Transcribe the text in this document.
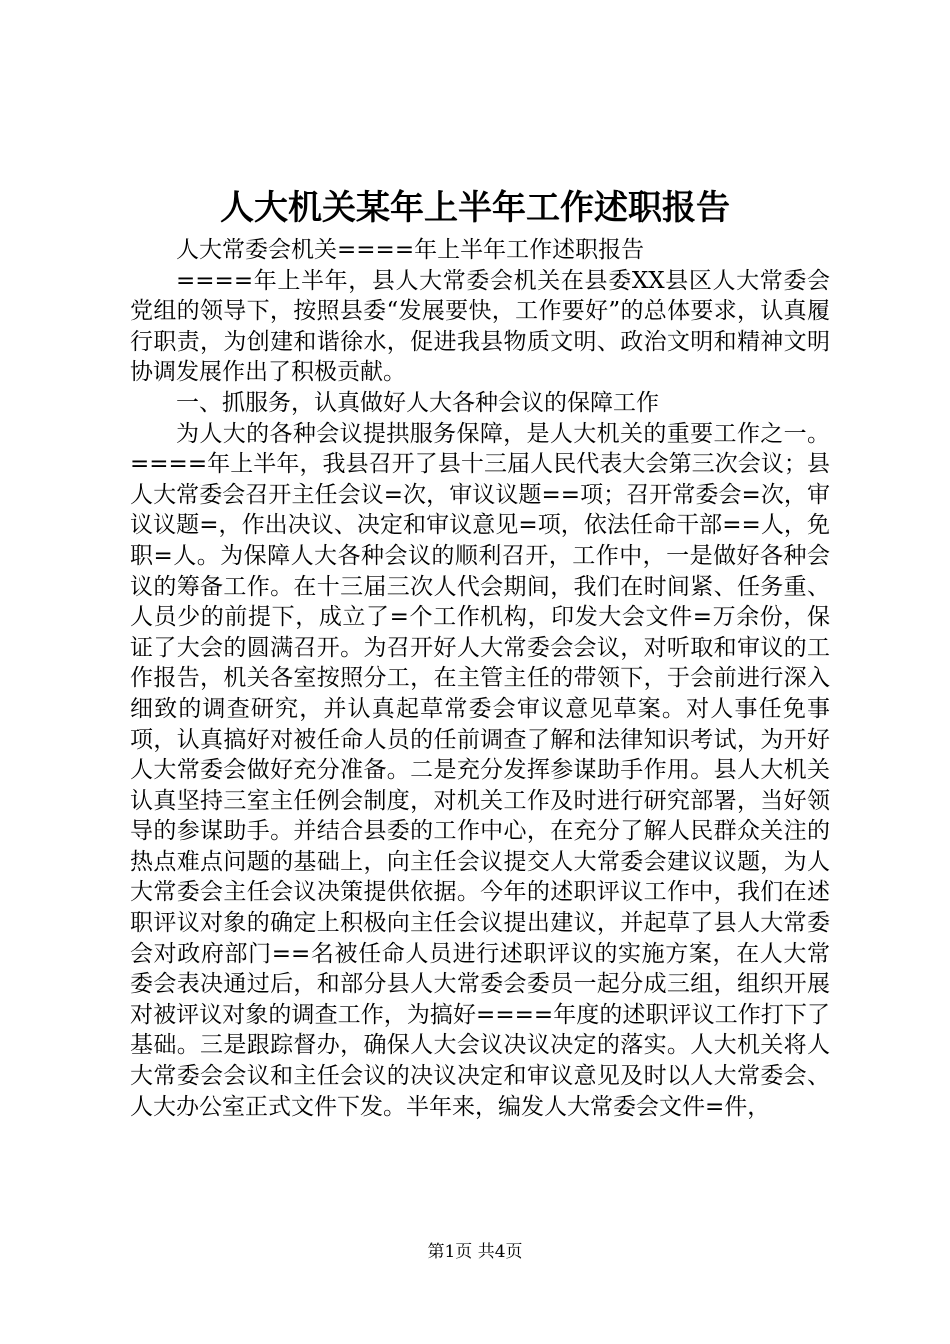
人大机关某年上半年工作述职报告

人大常委会机关====年上半年工作述职报告

====年上半年，县人大常委会机关在县委XX县区人大常委会党组的领导下，按照县委“发展要快，工作要好”的总体要求，认真履行职责，为创建和谐徐水，促进我县物质文明、政治文明和精神文明协调发展作出了积极贡献。

一、抓服务，认真做好人大各种会议的保障工作

为人大的各种会议提拱服务保障，是人大机关的重要工作之一。====年上半年，我县召开了县十三届人民代表大会第三次会议；县人大常委会召开主任会议=次，审议议题==项；召开常委会=次，审议议题=，作出决议、决定和审议意见=项，依法任命干部==人，免职=人。为保障人大各种会议的顺利召开，工作中，一是做好各种会议的筹备工作。在十三届三次人代会期间，我们在时间紧、任务重、人员少的前提下，成立了=个工作机构，印发大会文件=万余份，保证了大会的圆满召开。为召开好人大常委会会议，对听取和审议的工作报告，机关各室按照分工，在主管主任的带领下，于会前进行深入细致的调查研究，并认真起草常委会审议意见草案。对人事任免事项，认真搞好对被任命人员的任前调查了解和法律知识考试，为开好人大常委会做好充分准备。二是充分发挥参谋助手作用。县人大机关认真坚持三室主任例会制度，对机关工作及时进行研究部署，当好领导的参谋助手。并结合县委的工作中心，在充分了解人民群众关注的热点难点问题的基础上，向主任会议提交人大常委会建议议题，为人大常委会主任会议决策提供依据。今年的述职评议工作中，我们在述职评议对象的确定上积极向主任会议提出建议，并起草了县人大常委会对政府部门==名被任命人员进行述职评议的实施方案，在人大常委会表决通过后，和部分县人大常委会委员一起分成三组，组织开展对被评议对象的调查工作，为搞好====年度的述职评议工作打下了基础。三是跟踪督办，确保人大会议决议决定的落实。人大机关将人大常委会会议和主任会议的决议决定和审议意见及时以人大常委会、人大办公室正式文件下发。半年来，编发人大常委会文件=件，

第1页 共4页
